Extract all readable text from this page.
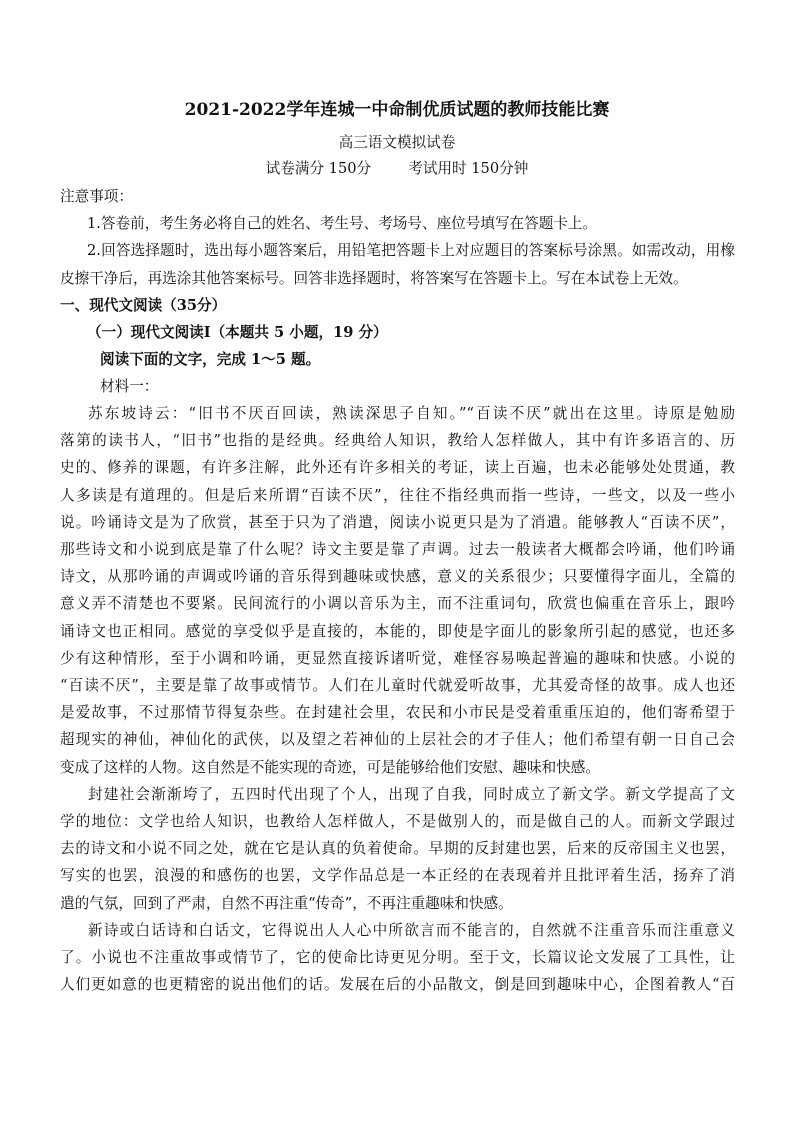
2021-2022学年连城一中命制优质试题的教师技能比赛
高三语文模拟试卷
试卷满分 150分        考试用时 150分钟
注意事项：
1.答卷前，考生务必将自己的姓名、考生号、考场号、座位号填写在答题卡上。
2.回答选择题时，选出每小题答案后，用铅笔把答题卡上对应题目的答案标号涂黑。如需改动，用橡
皮擦干净后，再选涂其他答案标号。回答非选择题时，将答案写在答题卡上。写在本试卷上无效。
一、现代文阅读（35分）
（一）现代文阅读Ⅰ（本题共 5 小题，19 分）
阅读下面的文字，完成 1～5 题。
材料一：
苏东坡诗云：“旧书不厌百回读，熟读深思子自知。”“百读不厌”就出在这里。诗原是勉励
落第的读书人，“旧书”也指的是经典。经典给人知识，教给人怎样做人，其中有许多语言的、历
史的、修养的课题，有许多注解，此外还有许多相关的考证，读上百遍，也未必能够处处贯通，教
人多读是有道理的。但是后来所谓“百读不厌”，往往不指经典而指一些诗，一些文，以及一些小
说。吟诵诗文是为了欣赏，甚至于只为了消遣，阅读小说更只是为了消遣。能够教人“百读不厌”，
那些诗文和小说到底是靠了什么呢？诗文主要是靠了声调。过去一般读者大概都会吟诵，他们吟诵
诗文，从那吟诵的声调或吟诵的音乐得到趣味或快感，意义的关系很少；只要懂得字面儿，全篇的
意义弄不清楚也不要紧。民间流行的小调以音乐为主，而不注重词句，欣赏也偏重在音乐上，跟吟
诵诗文也正相同。感觉的享受似乎是直接的，本能的，即使是字面儿的影象所引起的感觉，也还多
少有这种情形，至于小调和吟诵，更显然直接诉诸听觉，难怪容易唤起普遍的趣味和快感。小说的
“百读不厌”，主要是靠了故事或情节。人们在儿童时代就爱听故事，尤其爱奇怪的故事。成人也还
是爱故事，不过那情节得复杂些。在封建社会里，农民和小市民是受着重重压迫的，他们寄希望于
超现实的神仙，神仙化的武侠，以及望之若神仙的上层社会的才子佳人；他们希望有朝一日自己会
变成了这样的人物。这自然是不能实现的奇迹，可是能够给他们安慰、趣味和快感。
封建社会渐渐垮了，五四时代出现了个人，出现了自我，同时成立了新文学。新文学提高了文
学的地位：文学也给人知识，也教给人怎样做人，不是做别人的，而是做自己的人。而新文学跟过
去的诗文和小说不同之处，就在它是认真的负着使命。早期的反封建也罢，后来的反帝国主义也罢，
写实的也罢，浪漫的和感伤的也罢，文学作品总是一本正经的在表现着并且批评着生活，扬弃了消
遣的气氛，回到了严肃，自然不再注重“传奇”，不再注重趣味和快感。
新诗或白话诗和白话文，它得说出人人心中所欲言而不能言的，自然就不注重音乐而注重意义
了。小说也不注重故事或情节了，它的使命比诗更见分明。至于文，长篇议论文发展了工具性，让
人们更如意的也更精密的说出他们的话。发展在后的小品散文，倒是回到趣味中心，企图着教人“百
